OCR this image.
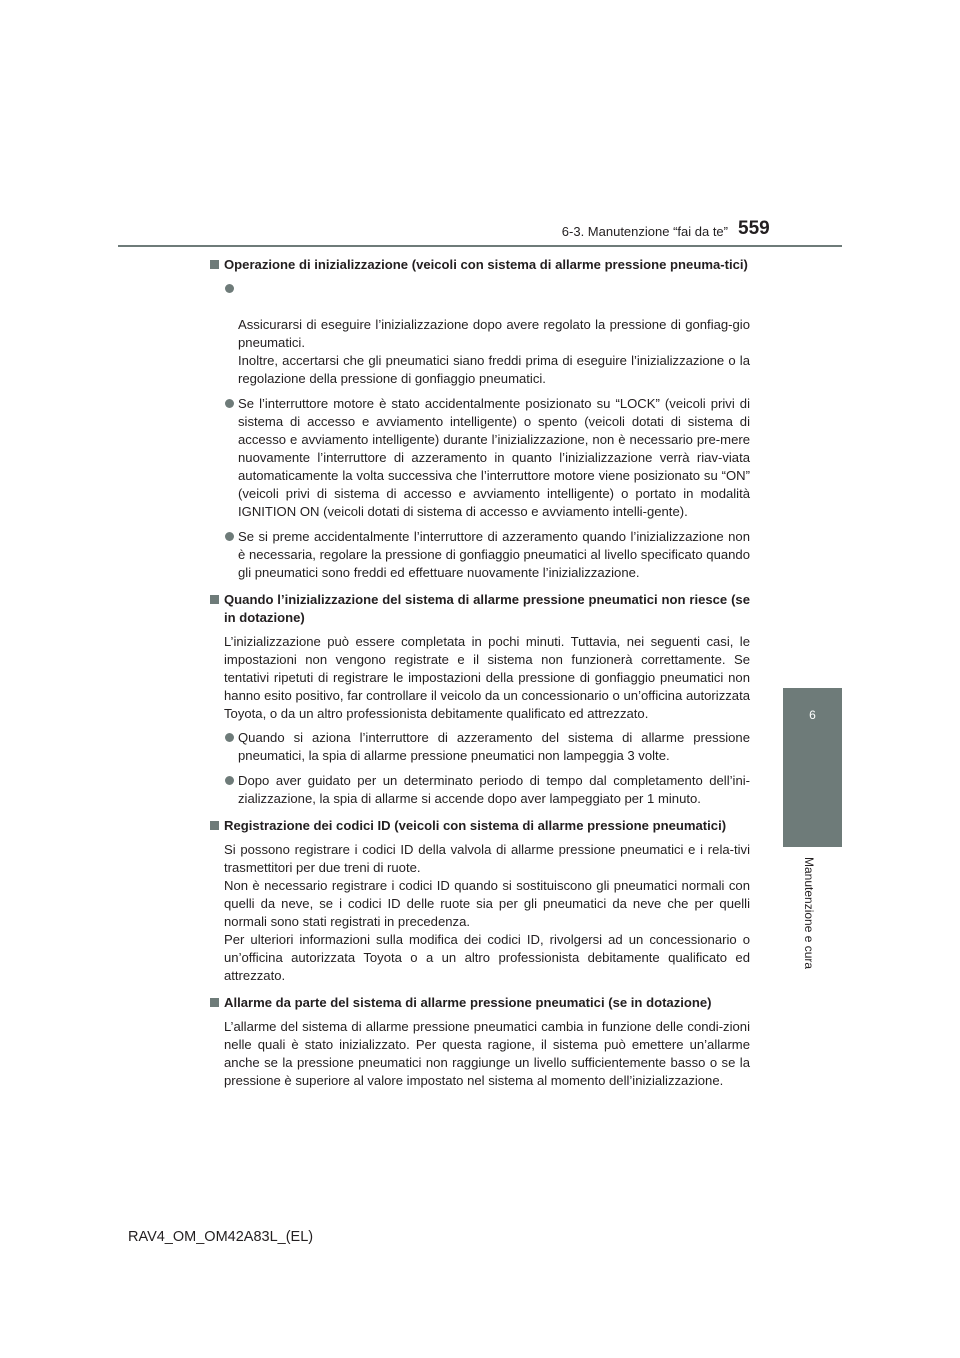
6-3. Manutenzione “fai da te” 559
6
Manutenzione e cura
Operazione di inizializzazione (veicoli con sistema di allarme pressione pneuma-tici)

Assicurarsi di eseguire l’inizializzazione dopo avere regolato la pressione di gonfiag-gio pneumatici.
Inoltre, accertarsi che gli pneumatici siano freddi prima di eseguire l’inizializzazione o la regolazione della pressione di gonfiaggio pneumatici.

Se l’interruttore motore è stato accidentalmente posizionato su “LOCK” (veicoli privi di sistema di accesso e avviamento intelligente) o spento (veicoli dotati di sistema di accesso e avviamento intelligente) durante l’inizializzazione, non è necessario pre-mere nuovamente l’interruttore di azzeramento in quanto l’inizializzazione verrà riav-viata automaticamente la volta successiva che l’interruttore motore viene posizionato su “ON” (veicoli privi di sistema di accesso e avviamento intelligente) o portato in modalità IGNITION ON (veicoli dotati di sistema di accesso e avviamento intelli-gente).
Se si preme accidentalmente l’interruttore di azzeramento quando l’inizializzazione non è necessaria, regolare la pressione di gonfiaggio pneumatici al livello specificato quando gli pneumatici sono freddi ed effettuare nuovamente l’inizializzazione.
Quando l’inizializzazione del sistema di allarme pressione pneumatici non riesce (se in dotazione)
L’inizializzazione può essere completata in pochi minuti. Tuttavia, nei seguenti casi, le impostazioni non vengono registrate e il sistema non funzionerà correttamente. Se tentativi ripetuti di registrare le impostazioni della pressione di gonfiaggio pneumatici non hanno esito positivo, far controllare il veicolo da un concessionario o un’officina autorizzata Toyota, o da un altro professionista debitamente qualificato ed attrezzato.
Quando si aziona l’interruttore di azzeramento del sistema di allarme pressione pneumatici, la spia di allarme pressione pneumatici non lampeggia 3 volte.
Dopo aver guidato per un determinato periodo di tempo dal completamento dell’ini-zializzazione, la spia di allarme si accende dopo aver lampeggiato per 1 minuto.
Registrazione dei codici ID (veicoli con sistema di allarme pressione pneumatici)
Si possono registrare i codici ID della valvola di allarme pressione pneumatici e i rela-tivi trasmettitori per due treni di ruote.
Non è necessario registrare i codici ID quando si sostituiscono gli pneumatici normali con quelli da neve, se i codici ID delle ruote sia per gli pneumatici da neve che per quelli normali sono stati registrati in precedenza.
Per ulteriori informazioni sulla modifica dei codici ID, rivolgersi ad un concessionario o un’officina autorizzata Toyota o a un altro professionista debitamente qualificato ed attrezzato.
Allarme da parte del sistema di allarme pressione pneumatici (se in dotazione)
L’allarme del sistema di allarme pressione pneumatici cambia in funzione delle condi-zioni nelle quali è stato inizializzato. Per questa ragione, il sistema può emettere un’allarme anche se la pressione pneumatici non raggiunge un livello sufficientemente basso o se la pressione è superiore al valore impostato nel sistema al momento dell’inizializzazione.
RAV4_OM_OM42A83L_(EL)
